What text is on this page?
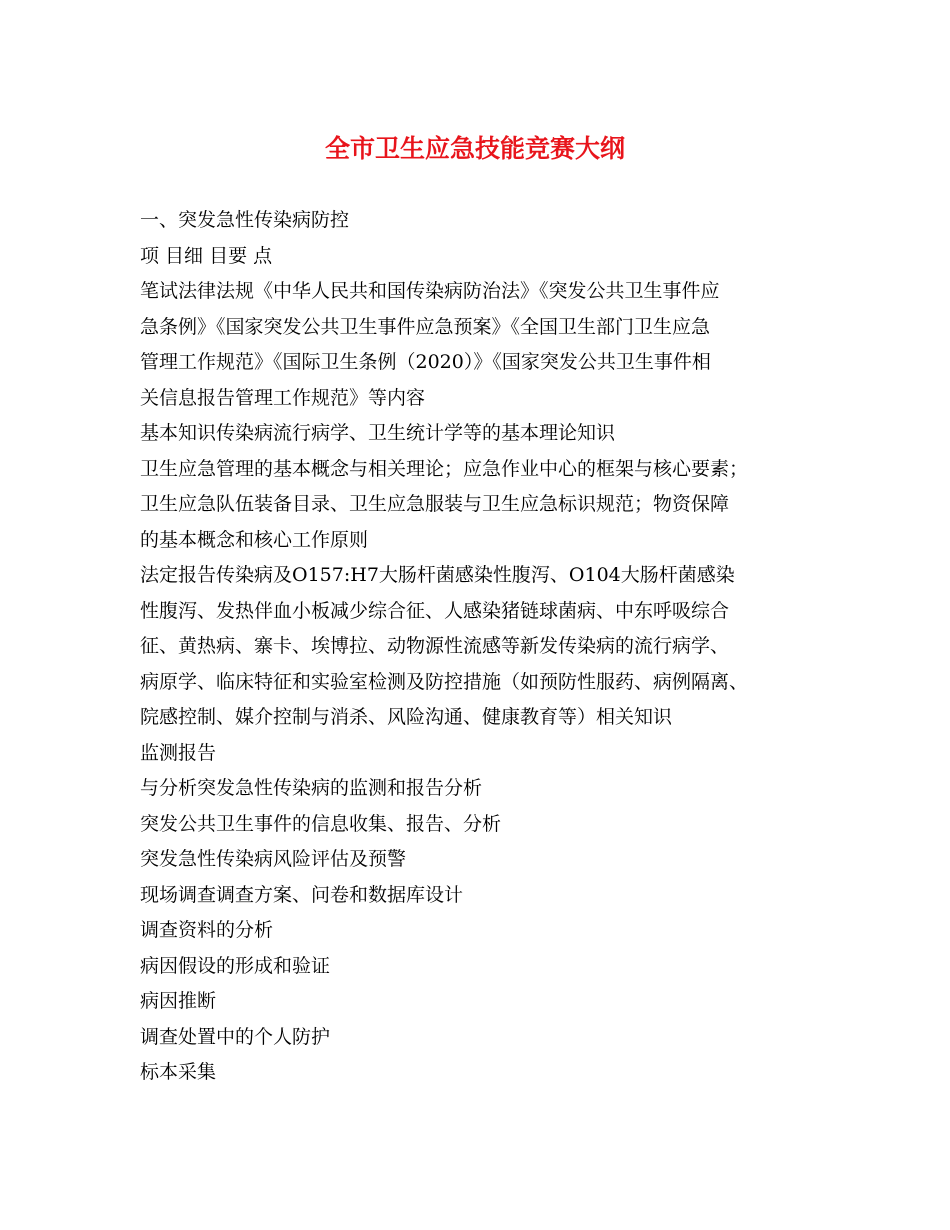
全市卫生应急技能竞赛大纲

一、突发急性传染病防控

项 目细 目要 点

笔试法律法规《中华人民共和国传染病防治法》《突发公共卫生事件应

急条例》《国家突发公共卫生事件应急预案》《全国卫生部门卫生应急

管理工作规范》《国际卫生条例（2020）》《国家突发公共卫生事件相

关信息报告管理工作规范》等内容

基本知识传染病流行病学、卫生统计学等的基本理论知识

卫生应急管理的基本概念与相关理论；应急作业中心的框架与核心要素；

卫生应急队伍装备目录、卫生应急服装与卫生应急标识规范；物资保障

的基本概念和核心工作原则

法定报告传染病及O157:H7大肠杆菌感染性腹泻、O104大肠杆菌感染

性腹泻、发热伴血小板减少综合征、人感染猪链球菌病、中东呼吸综合

征、黄热病、寨卡、埃博拉、动物源性流感等新发传染病的流行病学、

病原学、临床特征和实验室检测及防控措施（如预防性服药、病例隔离、

院感控制、媒介控制与消杀、风险沟通、健康教育等）相关知识

监测报告

与分析突发急性传染病的监测和报告分析

突发公共卫生事件的信息收集、报告、分析

突发急性传染病风险评估及预警

现场调查调查方案、问卷和数据库设计

调查资料的分析

病因假设的形成和验证

病因推断

调查处置中的个人防护

标本采集
